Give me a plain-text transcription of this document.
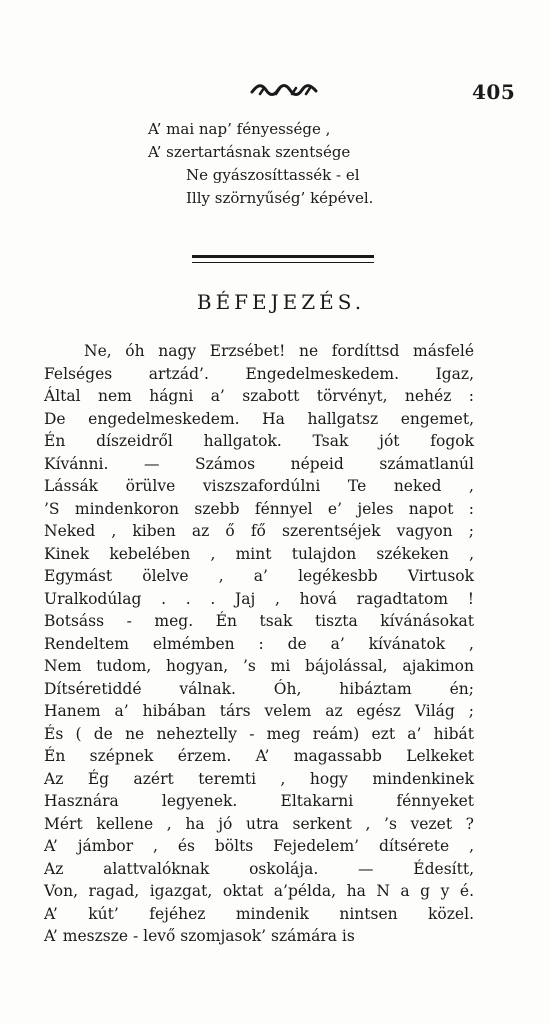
405
A’ mai nap’ fényessége ,
A’ szertartásnak szentsége
Ne gyászosíttassék - el
Illy szörnyűség’ képével.
BÉFEJEZÉS.
Ne, óh nagy Erzsébet! ne fordíttsd másfelé
Felséges artzád’. Engedelmeskedem. Igaz,
Által nem hágni a’ szabott törvényt, nehéz :
De engedelmeskedem. Ha hallgatsz engemet,
Én díszeidről hallgatok. Tsak jót fogok
Kívánni. — Számos népeid számatlanúl
Lássák örülve viszszafordúlni Te neked ,
’S mindenkoron szebb fénnyel e’ jeles napot :
Neked , kiben az ő fő szerentséjek vagyon ;
Kinek kebelében , mint tulajdon székeken ,
Egymást ölelve , a’ legékesbb Virtusok
Uralkodúlag . . . Jaj , hová ragadtatom !
Botsáss - meg. Én tsak tiszta kívánásokat
Rendeltem elmémben : de a’ kívánatok ,
Nem tudom, hogyan, ’s mi bájolással, ajakimon
Dítséretiddé válnak. Óh, hibáztam én;
Hanem a’ hibában társ velem az egész Világ ;
És ( de ne neheztelly - meg reám) ezt a’ hibát
Én szépnek érzem. A’ magassabb Lelkeket
Az Ég azért teremti , hogy mindenkinek
Hasznára legyenek. Eltakarni fénnyeket
Mért kellene , ha jó utra serkent , ’s vezet ?
A’ jámbor , és bölts Fejedelem’ dítsérete ,
Az alattvalóknak oskolája. — Édesítt,
Von, ragad, igazgat, oktat a’példa, ha N a g y é.
A’ kút’ fejéhez mindenik nintsen közel.
A’ meszsze - levő szomjasok’ számára is
